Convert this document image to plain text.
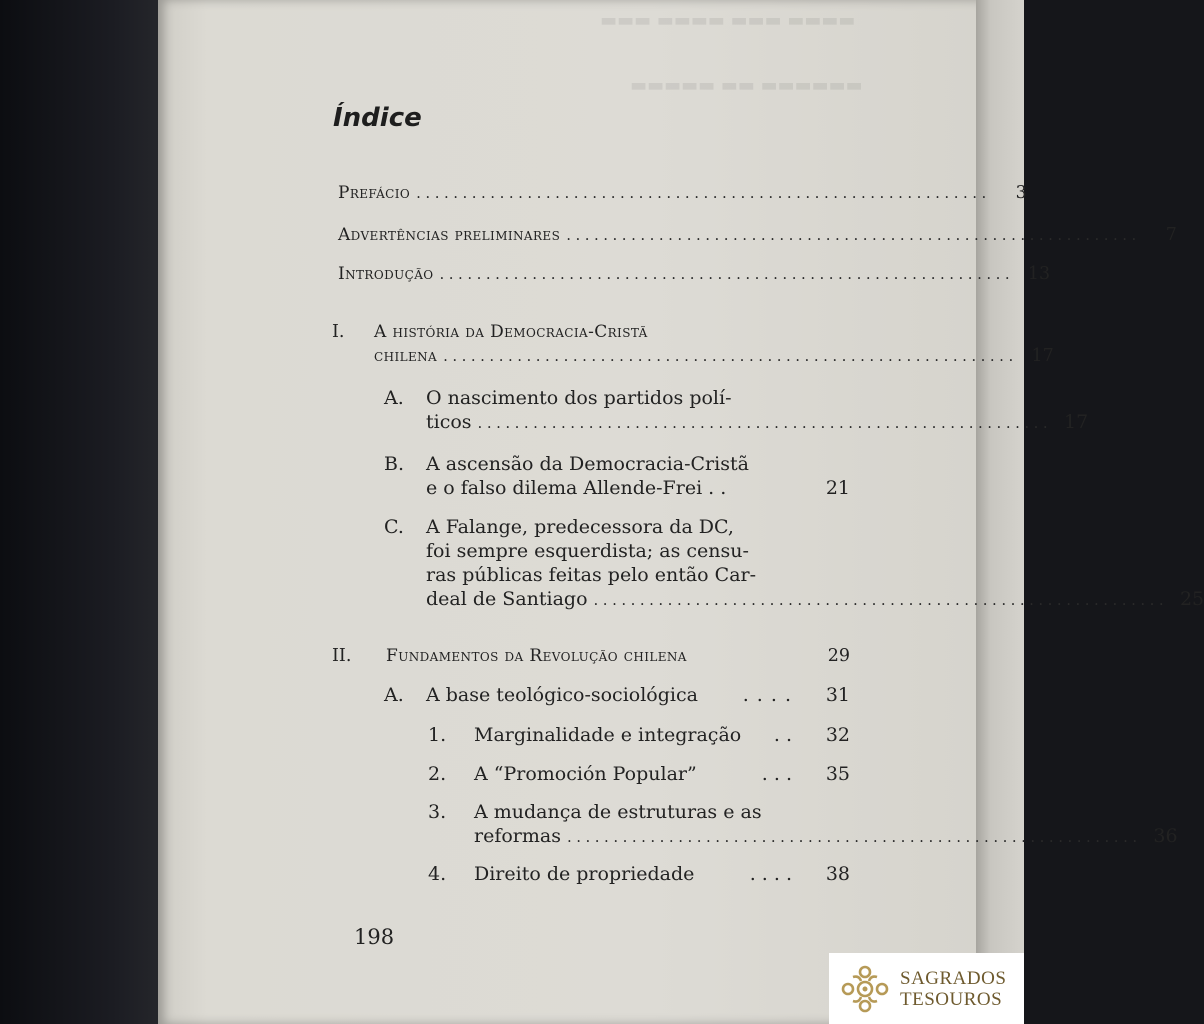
Índice
Prefácio ..............................................................	3
Advertências preliminares ..............................................................	7
Introdução .............................................................. 13
I. A história da Democracia-Cristã
chilena .............................................................. 17
A. O nascimento dos partidos polí-
ticos .............................................................. 17
B. A ascensão da Democracia-Cristã
e o falso dilema Allende-Frei . .	21
C. A Falange, predecessora da DC,
foi sempre esquerdista; as censu-
ras públicas feitas pelo então Car-
deal de Santiago .............................................................. 25
II.	Fundamentos da Revolução chilena	29
A.	A base teológico-sociológica . . . .	31
1.	Marginalidade e integração . .	32
2.	A “Promoción Popular”	. . .	35
3. A mudança de estruturas e as
reformas .............................................................. 36
4.	Direito de propriedade	. . . .	38
198
SAGRADOS
TESOUROS
